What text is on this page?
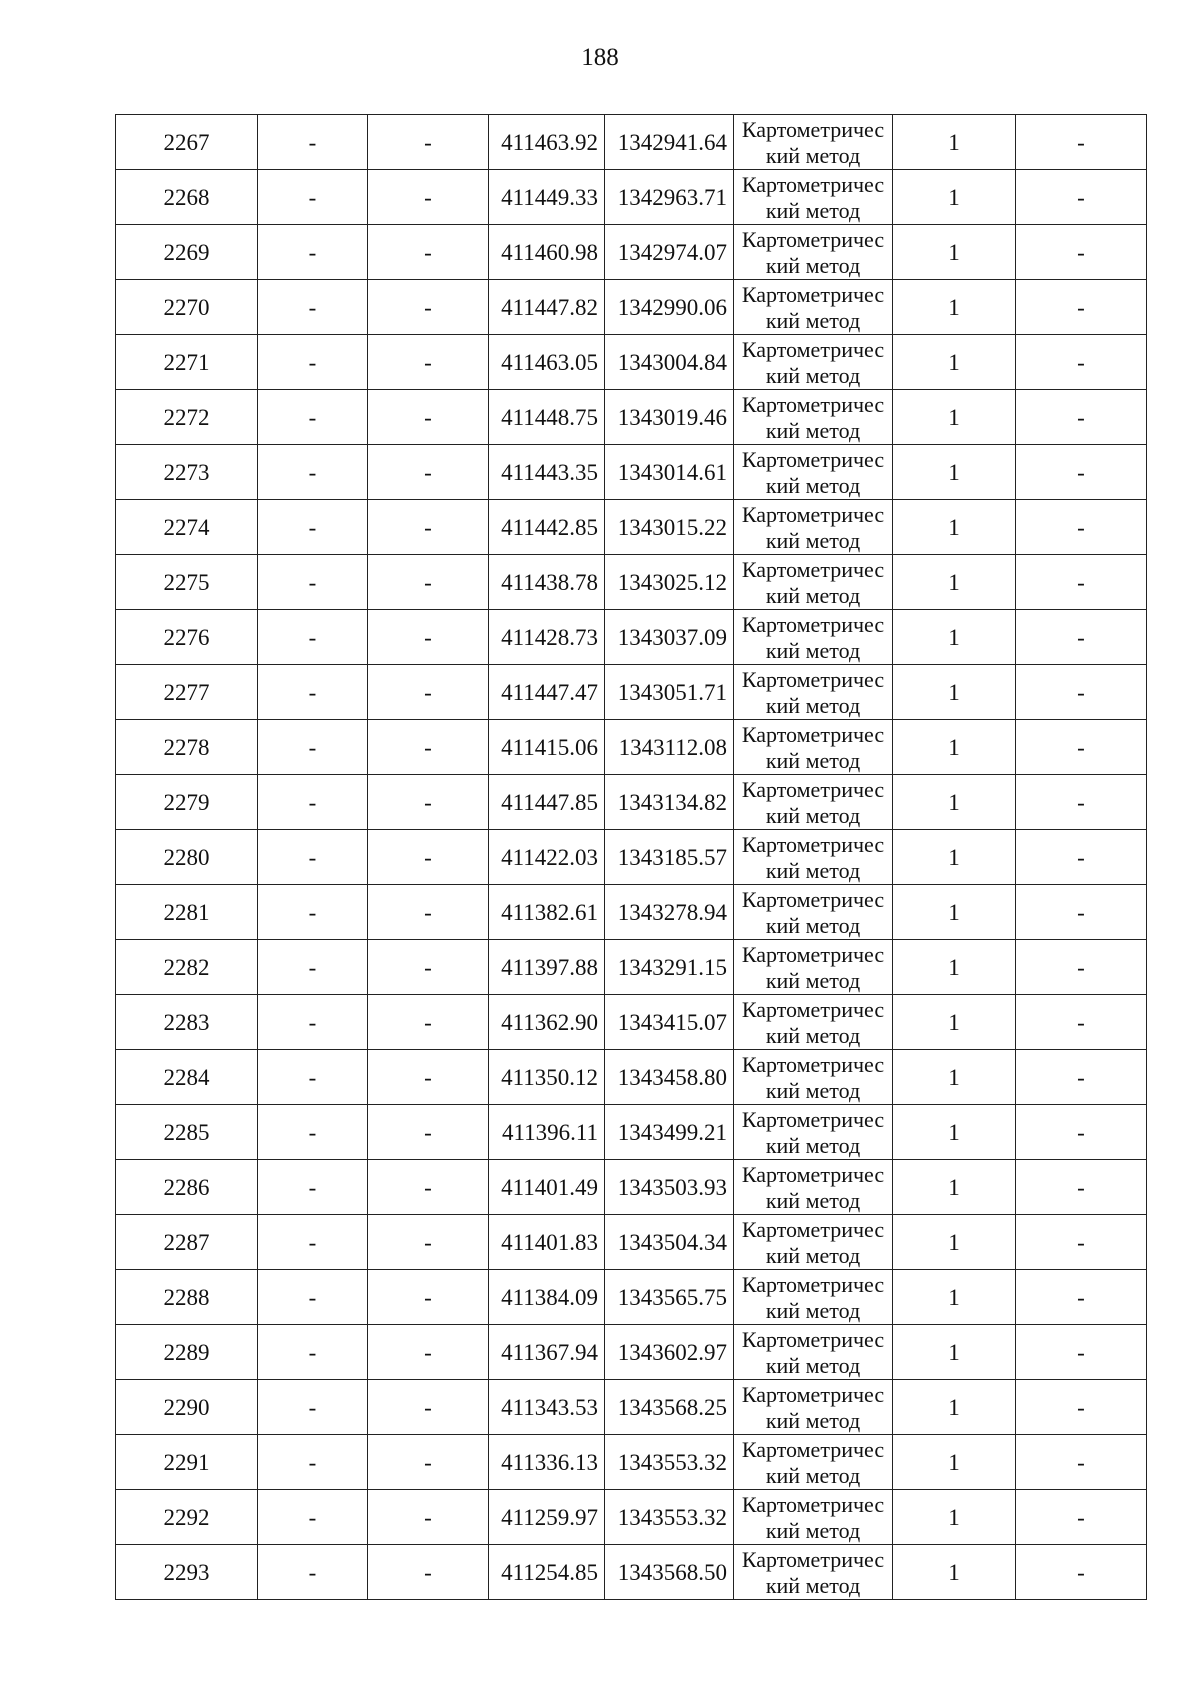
188
2267	-	-	411463.92	1342941.64	Картометричес
кий метод	1	-
2268	-	-	411449.33	1342963.71	Картометричес
кий метод	1	-
2269	-	-	411460.98	1342974.07	Картометричес
кий метод	1	-
2270	-	-	411447.82	1342990.06	Картометричес
кий метод	1	-
2271	-	-	411463.05	1343004.84	Картометричес
кий метод	1	-
2272	-	-	411448.75	1343019.46	Картометричес
кий метод	1	-
2273	-	-	411443.35	1343014.61	Картометричес
кий метод	1	-
2274	-	-	411442.85	1343015.22	Картометричес
кий метод	1	-
2275	-	-	411438.78	1343025.12	Картометричес
кий метод	1	-
2276	-	-	411428.73	1343037.09	Картометричес
кий метод	1	-
2277	-	-	411447.47	1343051.71	Картометричес
кий метод	1	-
2278	-	-	411415.06	1343112.08	Картометричес
кий метод	1	-
2279	-	-	411447.85	1343134.82	Картометричес
кий метод	1	-
2280	-	-	411422.03	1343185.57	Картометричес
кий метод	1	-
2281	-	-	411382.61	1343278.94	Картометричес
кий метод	1	-
2282	-	-	411397.88	1343291.15	Картометричес
кий метод	1	-
2283	-	-	411362.90	1343415.07	Картометричес
кий метод	1	-
2284	-	-	411350.12	1343458.80	Картометричес
кий метод	1	-
2285	-	-	411396.11	1343499.21	Картометричес
кий метод	1	-
2286	-	-	411401.49	1343503.93	Картометричес
кий метод	1	-
2287	-	-	411401.83	1343504.34	Картометричес
кий метод	1	-
2288	-	-	411384.09	1343565.75	Картометричес
кий метод	1	-
2289	-	-	411367.94	1343602.97	Картометричес
кий метод	1	-
2290	-	-	411343.53	1343568.25	Картометричес
кий метод	1	-
2291	-	-	411336.13	1343553.32	Картометричес
кий метод	1	-
2292	-	-	411259.97	1343553.32	Картометричес
кий метод	1	-
2293	-	-	411254.85	1343568.50	Картометричес
кий метод	1	-
